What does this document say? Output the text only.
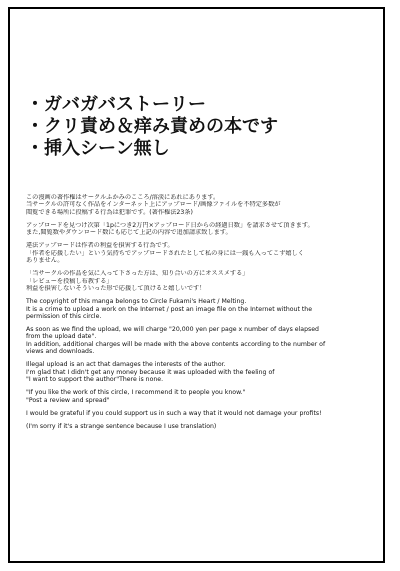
・ガバガバストーリー
・クリ責め＆痒み責めの本です
・挿入シーン無し
この漫画の著作権はサークルふかみのこころ/溶淡にあれにあります。
当サークルの許可なく作品をインターネット上にアップロード/画像ファイルを不特定多数が
閲覧できる場所に投稿する行為は犯罪です。(著作権法23条)
アップロードを見つけ次第「1pにつき2万円×アップロード日からの経過日数」を請求させて頂きます。
また,閲覧数やダウンロード数にも応じて上記の内容で追加請求致します。
違法アップロードは作者の利益を損害する行為です。
「作者を応援したい」という気持ちでアップロードされたとして私の身には一銭も入ってこず嬉しく
ありません。
「当サークルの作品を気に入って下さった方は、知り合いの方にオススメする」
「レビューを投稿し布教する」
利益を損害しないそういった形で応援して頂けると嬉しいです！
The copyright of this manga belongs to Circle Fukami's Heart / Melting.
It is a crime to upload a work on the Internet / post an image file on the Internet without the
permission of this circle.
As soon as we find the upload, we will charge "20,000 yen per page x number of days elapsed
from the upload date".
In addition, additional charges will be made with the above contents according to the number of
views and downloads.
Illegal upload is an act that damages the interests of the author.
I'm glad that I didn't get any money because it was uploaded with the feeling of
"I want to support the author"There is none.
"If you like the work of this circle, I recommend it to people you know."
"Post a review and spread"
I would be grateful if you could support us in such a way that it would not damage your profits!
(I'm sorry if it's a strange sentence because I use translation)
